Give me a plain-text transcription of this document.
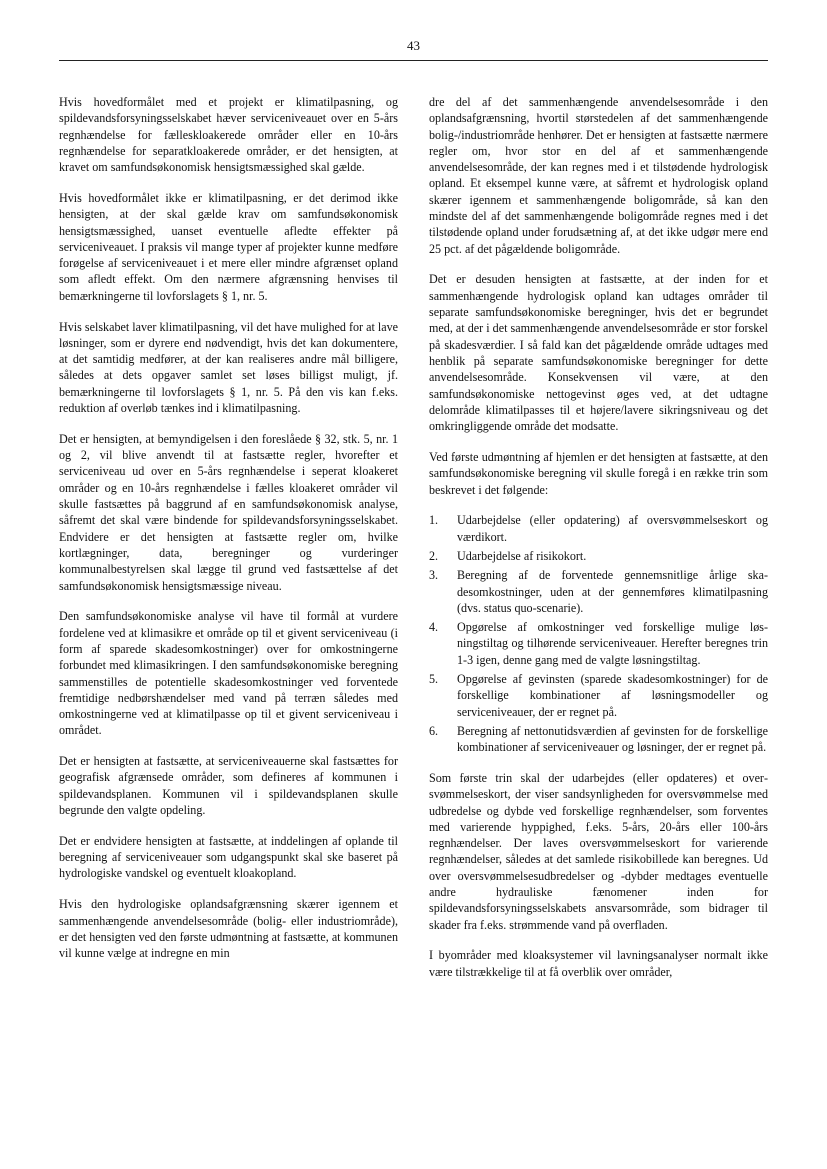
43

Hvis hovedformålet med et projekt er klimatilpasning, og spildevandsforsyningsselskabet hæver serviceniveauet over en 5-års regnhændelse for fælleskloakerede områder eller en 10-års regnhændelse for separatkloakerede områder, er det hensigten, at kravet om samfundsøkonomisk hensigtsmæssighed skal gælde.

Hvis hovedformålet ikke er klimatilpasning, er det derimod ikke hensigten, at der skal gælde krav om samfundsøkonomisk hensigtsmæssighed, uanset eventuelle afledte effekter på serviceniveauet. I praksis vil mange typer af projekter kunne medføre forøgelse af serviceniveauet i et mere eller mindre afgrænset opland som afledt effekt. Om den nærmere afgrænsning henvises til bemærkningerne til lovforslagets § 1, nr. 5.

Hvis selskabet laver klimatilpasning, vil det have mulighed for at lave løsninger, som er dyrere end nødvendigt, hvis det kan dokumentere, at det samtidig medfører, at der kan realiseres andre mål billigere, således at dets opgaver samlet set løses billigst muligt, jf. bemærkningerne til lovforslagets § 1, nr. 5. På den vis kan f.eks. reduktion af overløb tænkes ind i klimatilpasning.

Det er hensigten, at bemyndigelsen i den foreslåede § 32, stk. 5, nr. 1 og 2, vil blive anvendt til at fastsætte regler, hvorefter et serviceniveau ud over en 5-års regnhændelse i seperat kloakeret områder og en 10-års regnhændelse i fælles kloakeret områder vil skulle fastsættes på baggrund af en samfundsøkonomisk analyse, såfremt det skal være bindende for spildevandsforsyningsselskabet. Endvidere er det hensigten at fastsætte regler om, hvilke kortlægninger, data, beregninger og vurderinger kommunalbestyrelsen skal lægge til grund ved fastsættelse af det samfundsøkonomisk hensigtsmæssige niveau.

Den samfundsøkonomiske analyse vil have til formål at vurdere fordelene ved at klimasikre et område op til et givent serviceniveau (i form af sparede skadesomkostninger) over for omkostningerne forbundet med klimasikringen. I den samfundsøkonomiske beregning sammenstilles de potentielle skadesomkostninger ved forventede fremtidige nedbørshændelser med vand på terræn således med omkostningerne ved at klimatilpasse op til et givent serviceniveau i området.

Det er hensigten at fastsætte, at serviceniveauerne skal fastsættes for geografisk afgrænsede områder, som defineres af kommunen i spildevandsplanen. Kommunen vil i spildevandsplanen skulle begrunde den valgte opdeling.

Det er endvidere hensigten at fastsætte, at inddelingen af oplande til beregning af serviceniveauer som udgangspunkt skal ske baseret på hydrologiske vandskel og eventuelt kloakopland.

Hvis den hydrologiske oplandsafgrænsning skærer igennem et sammenhængende anvendelsesområde (bolig- eller industriområde), er det hensigten ved den første udmøntning at fastsætte, at kommunen vil kunne vælge at indregne en min

dre del af det sammenhængende anvendelsesområde i den oplandsafgrænsning, hvortil størstedelen af det sammenhængende bolig-/industriområde henhører. Det er hensigten at fastsætte nærmere regler om, hvor stor en del af et sammenhængende anvendelsesområde, der kan regnes med i et tilstødende hydrologisk opland. Et eksempel kunne være, at såfremt et hydrologisk opland skærer igennem et sammenhængende boligområde, så kan den mindste del af det sammenhængende boligområde regnes med i det tilstødende opland under forudsætning af, at det ikke udgør mere end 25 pct. af det pågældende boligområde.

Det er desuden hensigten at fastsætte, at der inden for et sammenhængende hydrologisk opland kan udtages områder til separate samfundsøkonomiske beregninger, hvis det er begrundet med, at der i det sammenhængende anvendelsesområde er stor forskel på skadesværdier. I så fald kan det pågældende område udtages med henblik på separate samfundsøkonomiske beregninger for dette anvendelsesområde. Konsekvensen vil være, at den samfundsøkonomiske nettogevinst øges ved, at det udtagne delområde klimatilpasses til et højere/lavere sikringsniveau og det omkringliggende område det modsatte.

Ved første udmøntning af hjemlen er det hensigten at fastsætte, at den samfundsøkonomiske beregning vil skulle foregå i en række trin som beskrevet i det følgende:

1.	Udarbejdelse (eller opdatering) af oversvømmelseskort og værdikort.
2.	Udarbejdelse af risikokort.
3.	Beregning af de forventede gennemsnitlige årlige skadesomkostninger, uden at der gennemføres klimatilpasning (dvs. status quo-scenarie).
4.	Opgørelse af omkostninger ved forskellige mulige løsningstiltag og tilhørende serviceniveauer. Herefter beregnes trin 1-3 igen, denne gang med de valgte løsningstiltag.
5.	Opgørelse af gevinsten (sparede skadesomkostninger) for de forskellige kombinationer af løsningsmodeller og serviceniveauer, der er regnet på.
6.	Beregning af nettonutidsværdien af gevinsten for de forskellige kombinationer af serviceniveauer og løsninger, der er regnet på.

Som første trin skal der udarbejdes (eller opdateres) et oversvømmelseskort, der viser sandsynligheden for oversvømmelse med udbredelse og dybde ved forskellige regnhændelser, som forventes med varierende hyppighed, f.eks. 5-års, 20-års eller 100-års regnhændelser. Der laves oversvømmelseskort for varierende regnhændelser, således at det samlede risikobillede kan beregnes. Ud over oversvømmelsesudbredelser og -dybder medtages eventuelle andre hydrauliske fænomener inden for spildevandsforsyningsselskabets ansvarsområde, som bidrager til skader fra f.eks. strømmende vand på overfladen.

I byområder med kloaksystemer vil lavningsanalyser normalt ikke være tilstrækkelige til at få overblik over områder,
